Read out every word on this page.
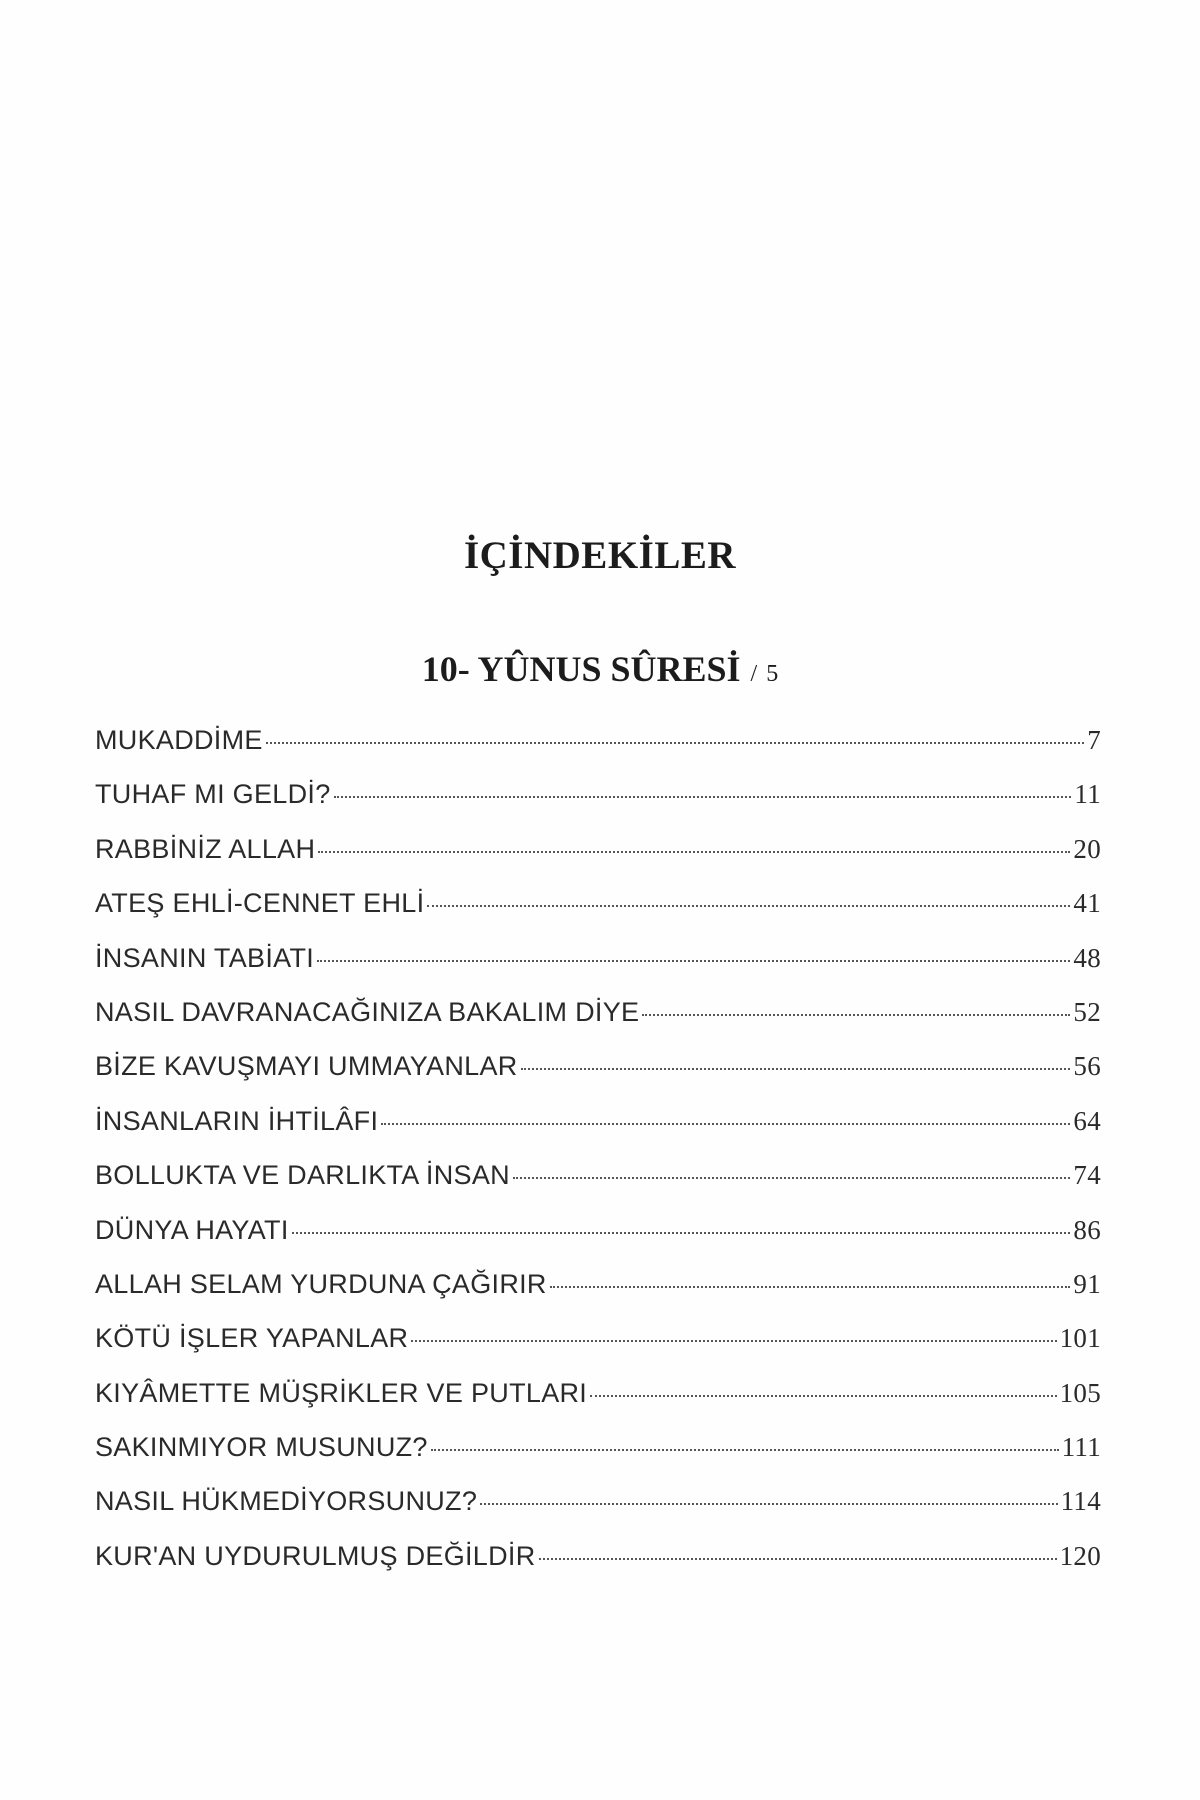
İÇİNDEKİLER
10- YÛNUS SÛRESİ / 5
MUKADDİME	7
TUHAF MI GELDİ?	11
RABBİNİZ ALLAH	20
ATEŞ EHLİ-CENNET EHLİ	41
İNSANIN TABİATI	48
NASIL DAVRANACAĞINIZA BAKALIM DİYE	52
BİZE KAVUŞMAYI UMMAYANLAR	56
İNSANLARIN İHTİLÂFI	64
BOLLUKTA VE DARLIKTA İNSAN	74
DÜNYA HAYATI	86
ALLAH SELAM YURDUNA ÇAĞIRIR	91
KÖTÜ İŞLER YAPANLAR	101
KIYÂMETTE MÜŞRİKLER VE PUTLARI	105
SAKINMIYOR MUSUNUZ?	111
NASIL HÜKMEDİYORSUNUZ?	114
KUR'AN UYDURULMUŞ DEĞİLDİR	120
